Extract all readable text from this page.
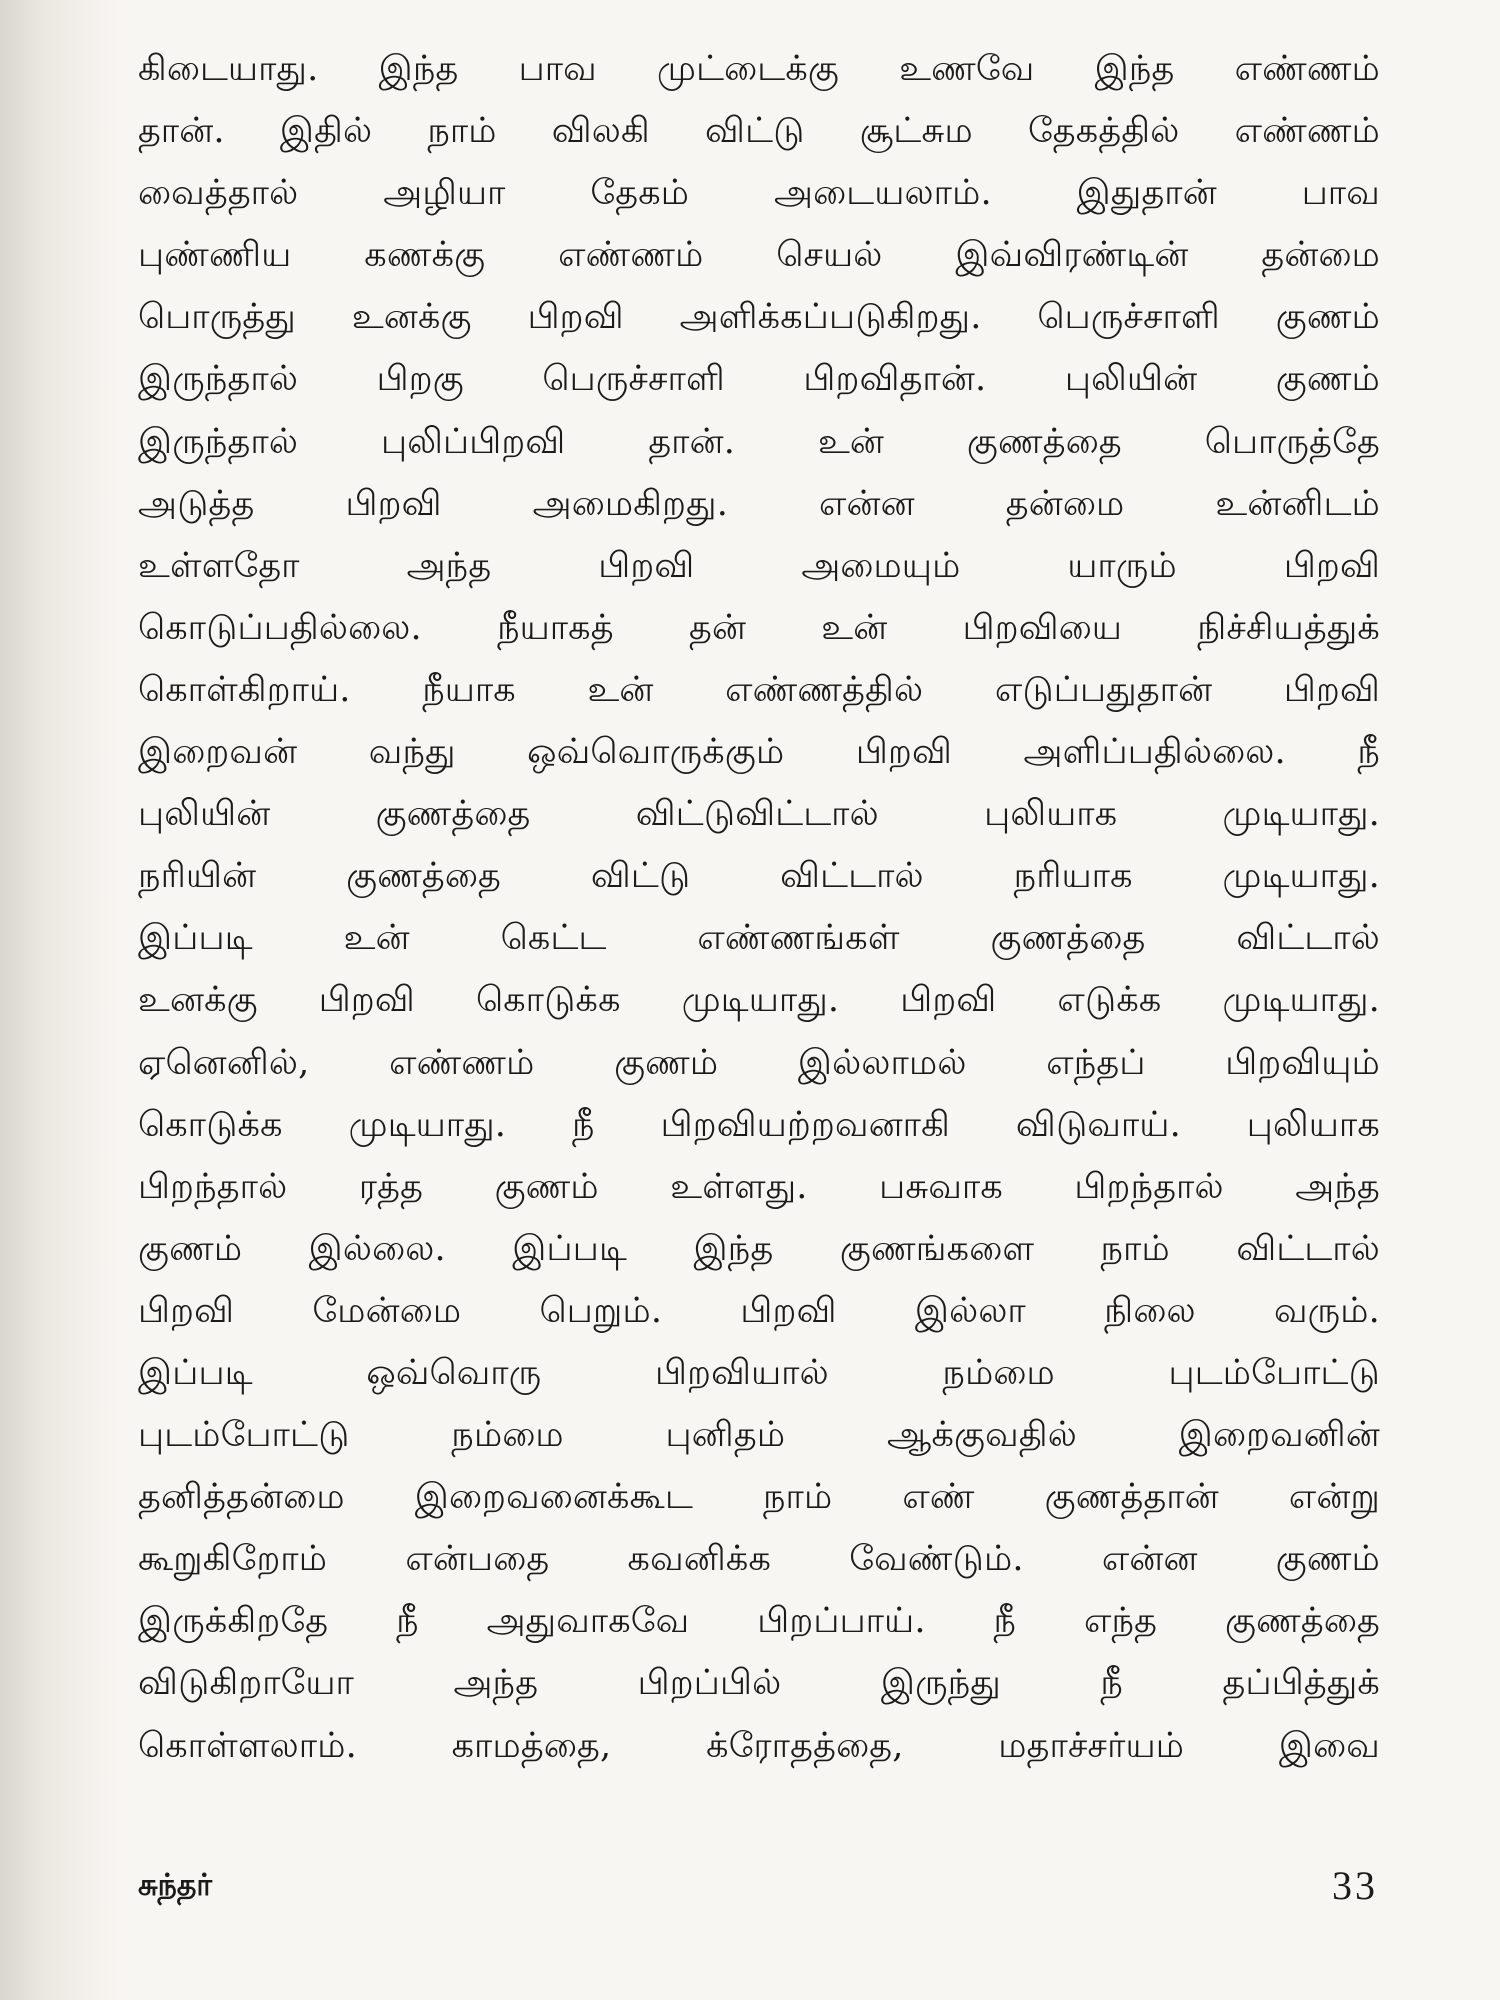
கிடையாது. இந்த பாவ முட்டைக்கு உணவே இந்த எண்ணம்
தான். இதில் நாம் விலகி விட்டு சூட்சும தேகத்தில் எண்ணம்
வைத்தால் அழியா தேகம் அடையலாம். இதுதான் பாவ
புண்ணிய கணக்கு எண்ணம் செயல் இவ்விரண்டின் தன்மை
பொருத்து உனக்கு பிறவி அளிக்கப்படுகிறது. பெருச்சாளி குணம்
இருந்தால் பிறகு பெருச்சாளி பிறவிதான். புலியின் குணம்
இருந்தால் புலிப்பிறவி தான். உன் குணத்தை பொருத்தே
அடுத்த பிறவி அமைகிறது. என்ன தன்மை உன்னிடம்
உள்ளதோ அந்த பிறவி அமையும் யாரும் பிறவி
கொடுப்பதில்லை. நீயாகத் தன் உன் பிறவியை நிச்சியத்துக்
கொள்கிறாய். நீயாக உன் எண்ணத்தில் எடுப்பதுதான் பிறவி
இறைவன் வந்து ஒவ்வொருக்கும் பிறவி அளிப்பதில்லை. நீ
புலியின் குணத்தை விட்டுவிட்டால் புலியாக முடியாது.
நரியின் குணத்தை விட்டு விட்டால் நரியாக முடியாது.
இப்படி உன் கெட்ட எண்ணங்கள் குணத்தை விட்டால்
உனக்கு பிறவி கொடுக்க முடியாது. பிறவி எடுக்க முடியாது.
ஏனெனில், எண்ணம் குணம் இல்லாமல் எந்தப் பிறவியும்
கொடுக்க முடியாது. நீ பிறவியற்றவனாகி விடுவாய். புலியாக
பிறந்தால் ரத்த குணம் உள்ளது. பசுவாக பிறந்தால் அந்த
குணம் இல்லை. இப்படி இந்த குணங்களை நாம் விட்டால்
பிறவி மேன்மை பெறும். பிறவி இல்லா நிலை வரும்.
இப்படி ஒவ்வொரு பிறவியால் நம்மை புடம்போட்டு
புடம்போட்டு நம்மை புனிதம் ஆக்குவதில் இறைவனின்
தனித்தன்மை இறைவனைக்கூட நாம் எண் குணத்தான் என்று
கூறுகிறோம் என்பதை கவனிக்க வேண்டும். என்ன குணம்
இருக்கிறதே நீ அதுவாகவே பிறப்பாய். நீ எந்த குணத்தை
விடுகிறாயோ அந்த பிறப்பில் இருந்து நீ தப்பித்துக்
கொள்ளலாம். காமத்தை, க்ரோதத்தை, மதாச்சர்யம் இவை
சுந்தர்	33
